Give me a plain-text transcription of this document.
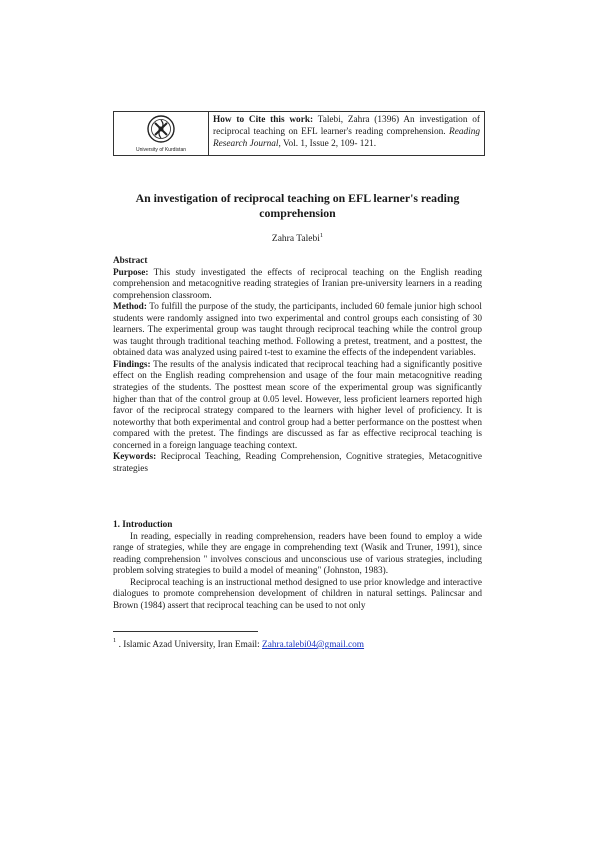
University of Kurdistan
How to Cite this work: Talebi, Zahra (1396) An investigation of reciprocal teaching on EFL learner's reading comprehension. Reading Research Journal, Vol. 1, Issue 2, 109- 121.
An investigation of reciprocal teaching on EFL learner's reading comprehension
Zahra Talebi$^1$

Abstract

Purpose: This study investigated the effects of reciprocal teaching on the English reading comprehension and metacognitive reading strategies of Iranian pre-university learners in a reading comprehension classroom.

Method: To fulfill the purpose of the study, the participants, included 60 female junior high school students were randomly assigned into two experimental and control groups each consisting of 30 learners. The experimental group was taught through reciprocal teaching while the control group was taught through traditional teaching method. Following a pretest, treatment, and a posttest, the obtained data was analyzed using paired t-test to examine the effects of the independent variables.

Findings: The results of the analysis indicated that reciprocal teaching had a significantly positive effect on the English reading comprehension and usage of the four main metacognitive reading strategies of the students. The posttest mean score of the experimental group was significantly higher than that of the control group at 0.05 level. However, less proficient learners reported high favor of the reciprocal strategy compared to the learners with higher level of proficiency. It is noteworthy that both experimental and control group had a better performance on the posttest when compared with the pretest. The findings are discussed as far as effective reciprocal teaching is concerned in a foreign language teaching context.

Keywords: Reciprocal Teaching, Reading Comprehension, Cognitive strategies, Metacognitive strategies

1. Introduction

In reading, especially in reading comprehension, readers have been found to employ a wide range of strategies, while they are engage in comprehending text (Wasik and Truner, 1991), since reading comprehension " involves conscious and unconscious use of various strategies, including problem solving strategies to build a model of meaning" (Johnston, 1983).

Reciprocal teaching is an instructional method designed to use prior knowledge and interactive dialogues to promote comprehension development of children in natural settings. Palincsar and Brown (1984) assert that reciprocal teaching can be used to not only

$^1$ . Islamic Azad University, Iran Email: Zahra.talebi04@gmail.com
